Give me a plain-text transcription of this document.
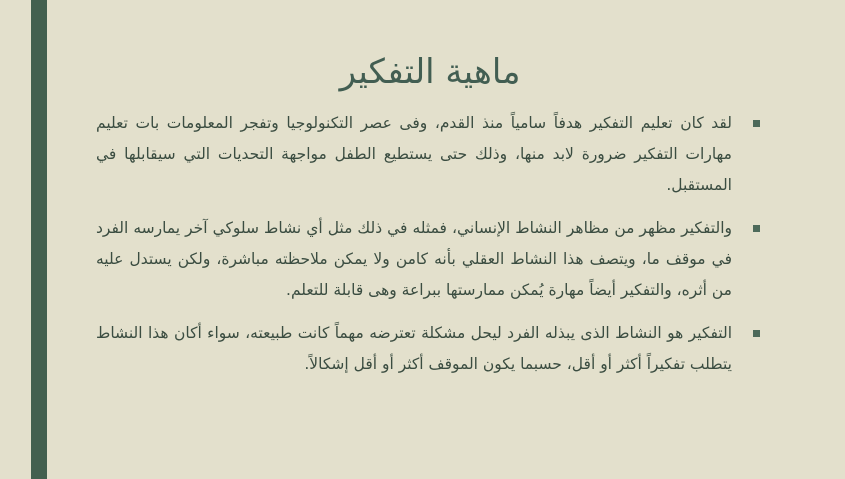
ماهية التفكير
لقد كان تعليم التفكير هدفاً سامياً منذ القدم، وفى عصر التكنولوجيا وتفجر المعلومات بات تعليم مهارات التفكير ضرورة لابد منها، وذلك حتى يستطيع الطفل مواجهة التحديات التي سيقابلها في المستقبل.
والتفكير مظهر من مظاهر النشاط الإنساني، فمثله في ذلك مثل أي نشاط سلوكي آخر يمارسه الفرد في موقف ما، ويتصف هذا النشاط العقلي بأنه كامن ولا يمكن ملاحظته مباشرة، ولكن يستدل عليه من أثره، والتفكير أيضاً مهارة يُمكن ممارستها ببراعة وهى قابلة للتعلم.
التفكير هو النشاط الذى يبذله الفرد ليحل مشكلة تعترضه مهماً كانت طبيعته، سواء أكان هذا النشاط يتطلب تفكيراً أكثر أو أقل، حسبما يكون الموقف أكثر أو أقل إشكالاً.
